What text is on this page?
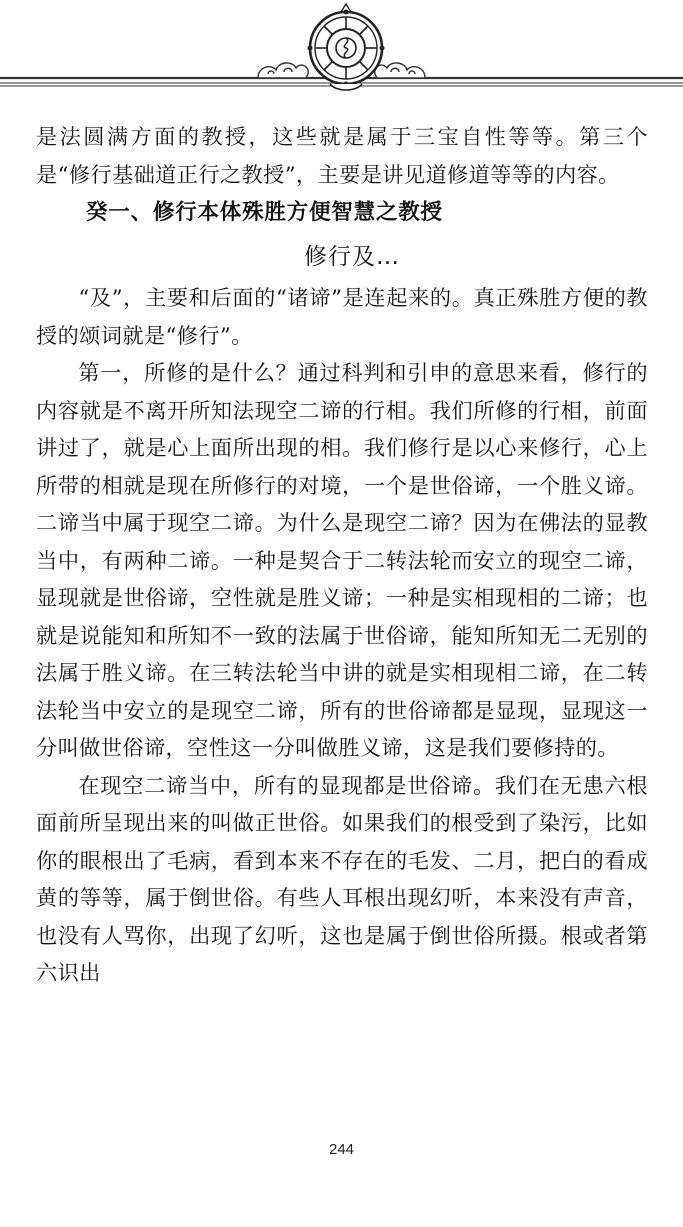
是法圆满方面的教授，这些就是属于三宝自性等等。第三个是“修行基础道正行之教授”，主要是讲见道修道等等的内容。

癸一、修行本体殊胜方便智慧之教授

修行及…

“及”，主要和后面的“诸谛”是连起来的。真正殊胜方便的教授的颂词就是“修行”。

第一，所修的是什么？通过科判和引申的意思来看，修行的内容就是不离开所知法现空二谛的行相。我们所修的行相，前面讲过了，就是心上面所出现的相。我们修行是以心来修行，心上所带的相就是现在所修行的对境，一个是世俗谛，一个胜义谛。二谛当中属于现空二谛。为什么是现空二谛？因为在佛法的显教当中，有两种二谛。一种是契合于二转法轮而安立的现空二谛，显现就是世俗谛，空性就是胜义谛；一种是实相现相的二谛；也就是说能知和所知不一致的法属于世俗谛，能知所知无二无别的法属于胜义谛。在三转法轮当中讲的就是实相现相二谛，在二转法轮当中安立的是现空二谛，所有的世俗谛都是显现，显现这一分叫做世俗谛，空性这一分叫做胜义谛，这是我们要修持的。

在现空二谛当中，所有的显现都是世俗谛。我们在无患六根面前所呈现出来的叫做正世俗。如果我们的根受到了染污，比如你的眼根出了毛病，看到本来不存在的毛发、二月，把白的看成黄的等等，属于倒世俗。有些人耳根出现幻听，本来没有声音，也没有人骂你，出现了幻听，这也是属于倒世俗所摄。根或者第六识出

244
